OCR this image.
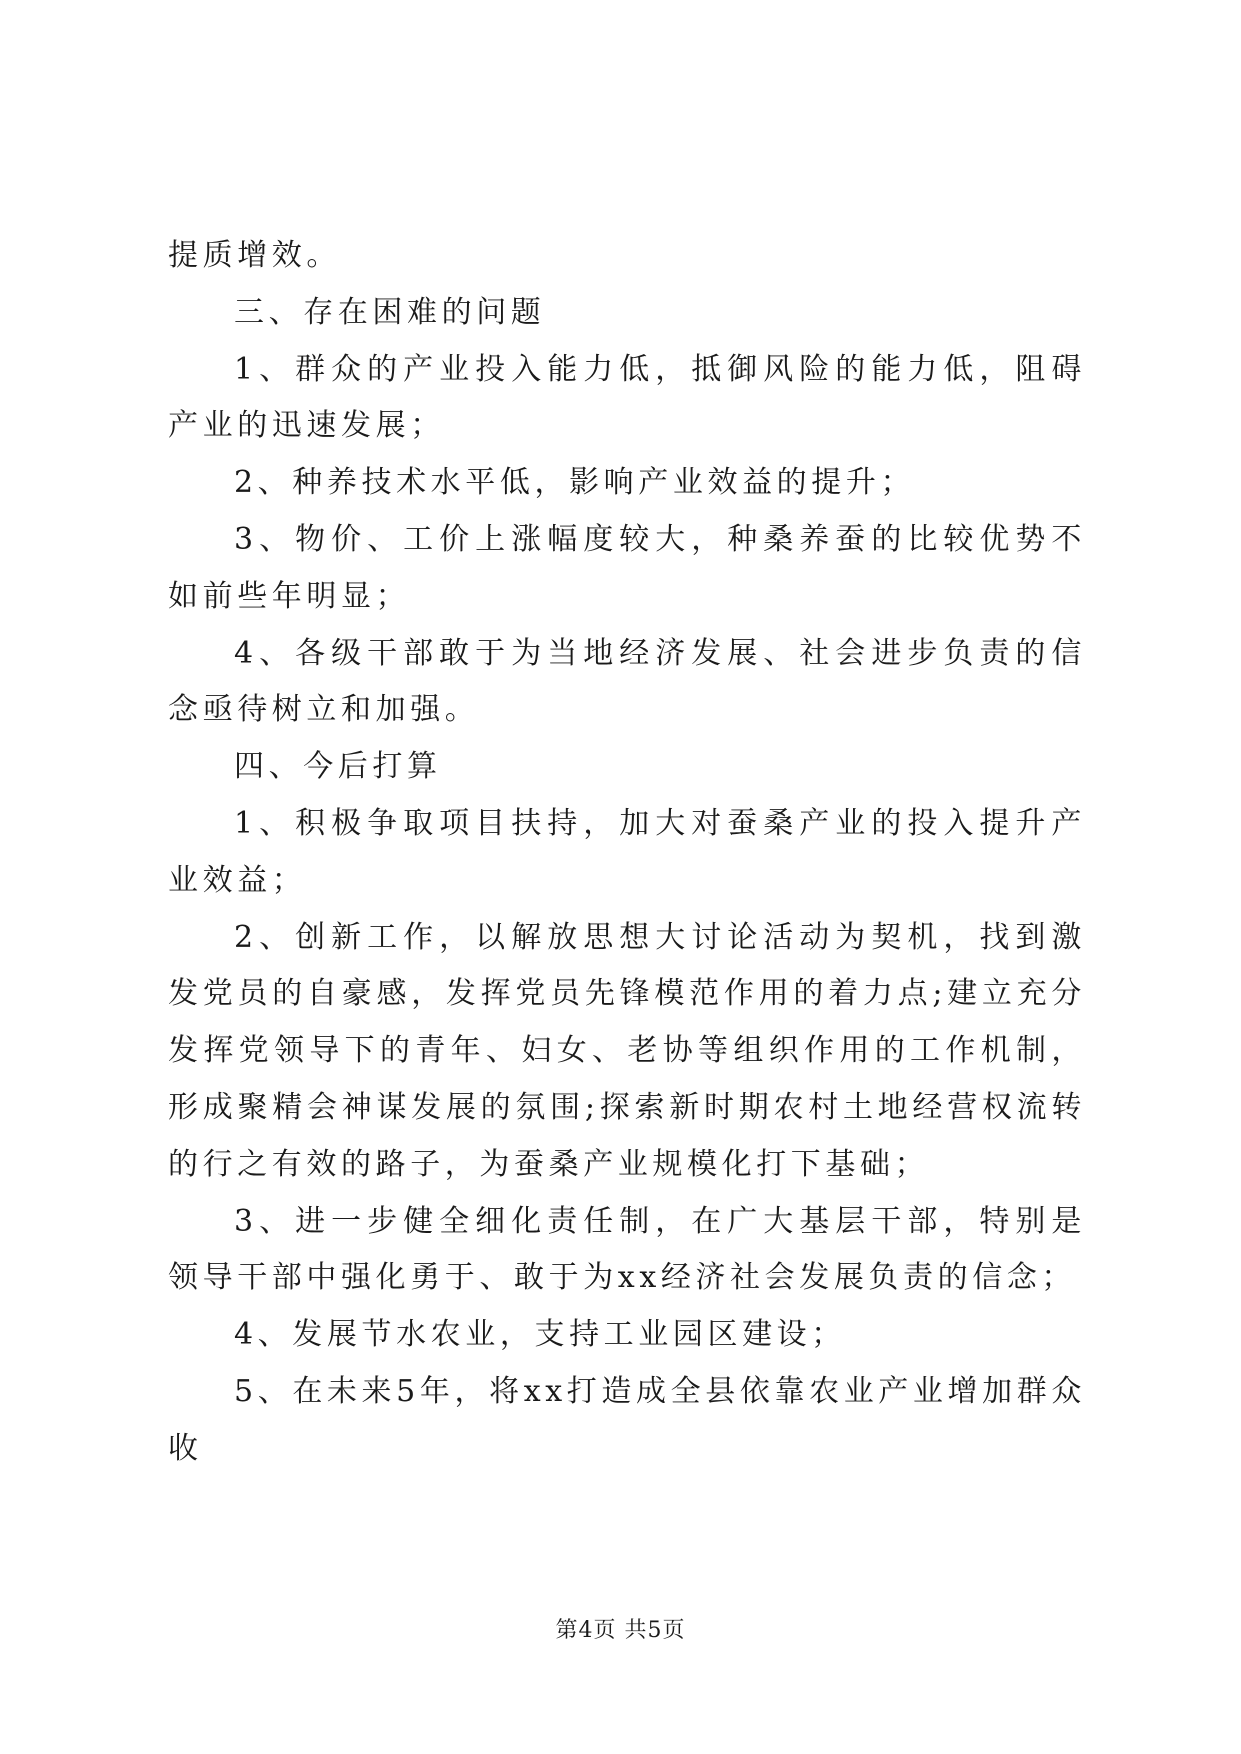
提质增效。

三、存在困难的问题

1、群众的产业投入能力低，抵御风险的能力低，阻碍产业的迅速发展；

2、种养技术水平低，影响产业效益的提升；

3、物价、工价上涨幅度较大，种桑养蚕的比较优势不如前些年明显；

4、各级干部敢于为当地经济发展、社会进步负责的信念亟待树立和加强。

四、今后打算

1、积极争取项目扶持，加大对蚕桑产业的投入提升产业效益；

2、创新工作，以解放思想大讨论活动为契机，找到激发党员的自豪感，发挥党员先锋模范作用的着力点;建立充分发挥党领导下的青年、妇女、老协等组织作用的工作机制，形成聚精会神谋发展的氛围;探索新时期农村土地经营权流转的行之有效的路子，为蚕桑产业规模化打下基础；

3、进一步健全细化责任制，在广大基层干部，特别是领导干部中强化勇于、敢于为xx经济社会发展负责的信念；

4、发展节水农业，支持工业园区建设；

5、在未来5年，将xx打造成全县依靠农业产业增加群众收

第4页 共5页
